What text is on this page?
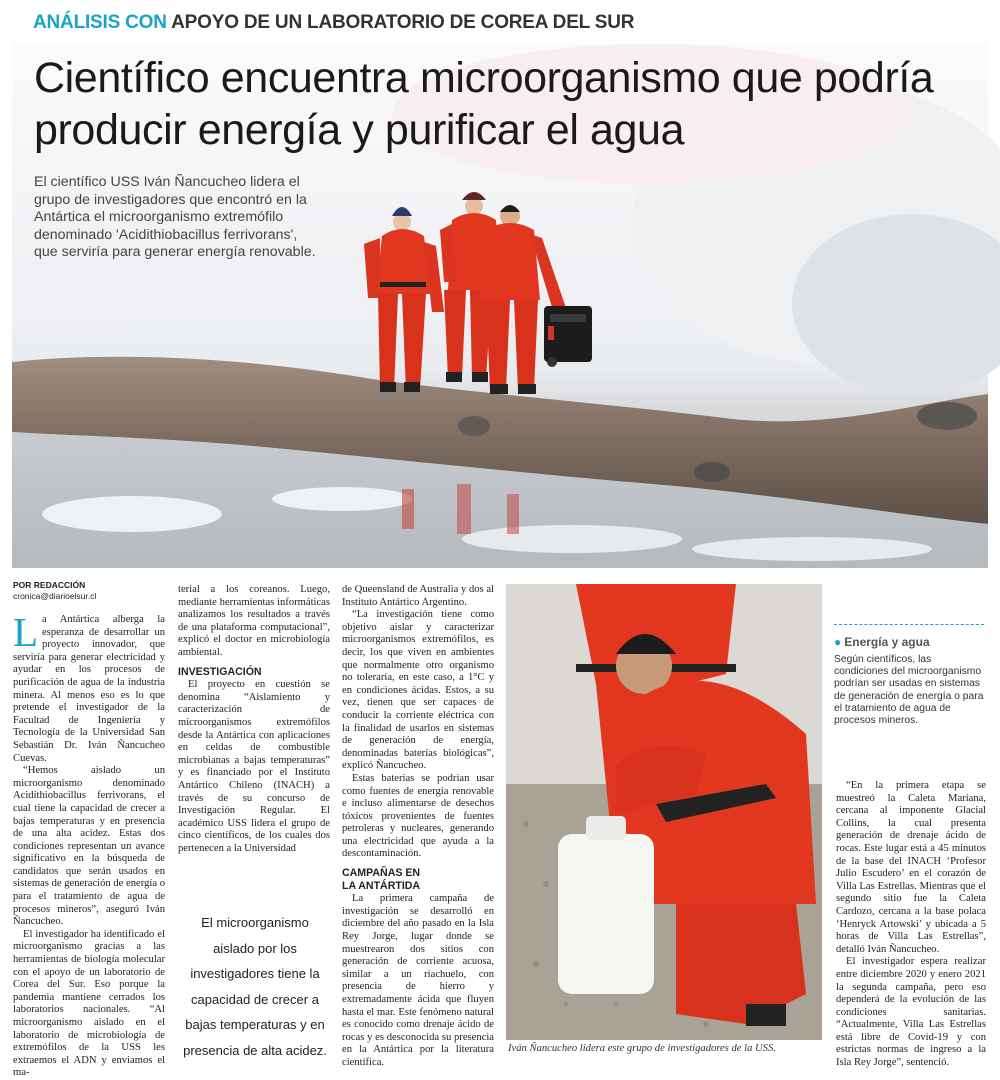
ANÁLISIS CON APOYO DE UN LABORATORIO DE COREA DEL SUR
Científico encuentra microorganismo que podría producir energía y purificar el agua

El científico USS Iván Ñancucheo lidera el grupo de investigadores que encontró en la Antártica el microorganismo extremófilo denominado 'Acidithiobacillus ferrivorans', que serviría para generar energía renovable.

POR REDACCIÓN
cronica@diarioelsur.cl

La Antártica alberga la esperanza de desarrollar un proyecto innovador, que serviría para generar electricidad y ayudar en los procesos de purificación de agua de la industria minera. Al menos eso es lo que pretende el investigador de la Facultad de Ingeniería y Tecnología de la Universidad San Sebastián Dr. Iván Ñancucheo Cuevas.

“Hemos aislado un microorganismo denominado Acidithiobacillus ferrivorans, el cual tiene la capacidad de crecer a bajas temperaturas y en presencia de una alta acidez. Estas dos condiciones representan un avance significativo en la búsqueda de candidatos que serán usados en sistemas de generación de energía o para el tratamiento de agua de procesos mineros”, aseguró Iván Ñancucheo.

El investigador ha identificado el microorganismo gracias a las herramientas de biología molecular con el apoyo de un laboratorio de Corea del Sur. Eso porque la pandemia mantiene cerrados los laboratorios nacionales. “Al microorganismo aislado en el laboratorio de microbiología de extremófilos de la USS les extraemos el ADN y enviamos el ma-

terial a los coreanos. Luego, mediante herramientas informáticas analizamos los resultados a través de una plataforma computacional”, explicó el doctor en microbiología ambiental.

INVESTIGACIÓN

El proyecto en cuestión se denomina “Aislamiento y caracterización de microorganismos extremófilos desde la Antártica con aplicaciones en celdas de combustible microbianas a bajas temperaturas” y es financiado por el Instituto Antártico Chileno (INACH) a través de su concurso de Investigación Regular. El académico USS lidera el grupo de cinco científicos, de los cuales dos pertenecen a la Universidad

El microorganismo aislado por los investigadores tiene la capacidad de crecer a bajas temperaturas y en presencia de alta acidez.

de Queensland de Australia y dos al Instituto Antártico Argentino.

“La investigación tiene como objetivo aislar y caracterizar microorganismos extremófilos, es decir, los que viven en ambientes que normalmente otro organismo no toleraría, en este caso, a 1°C y en condiciones ácidas. Estos, a su vez, tienen que ser capaces de conducir la corriente eléctrica con la finalidad de usarlos en sistemas de generación de energía, denominadas baterías biológicas”, explicó Ñancucheo.

Estas baterías se podrían usar como fuentes de energía renovable e incluso alimentarse de desechos tóxicos provenientes de fuentes petroleras y nucleares, generando una electricidad que ayuda a la descontaminación.

CAMPAÑAS EN
LA ANTÁRTIDA

La primera campaña de investigación se desarrolló en diciembre del año pasado en la Isla Rey Jorge, lugar donde se muestrearon dos sitios con generación de corriente acuosa, similar a un riachuelo, con presencia de hierro y extremadamente ácida que fluyen hasta el mar. Este fenómeno natural es conocido como drenaje ácido de rocas y es desconocida su presencia en la Antártica por la literatura científica.

Iván Ñancucheo lidera este grupo de investigadores de la USS.
● Energía y agua

Según científicos, las condiciones del microorganismo podrían ser usadas en sistemas de generación de energía o para el tratamiento de agua de procesos mineros.

“En la primera etapa se muestreó la Caleta Mariana, cercana al imponente Glacial Collins, la cual presenta generación de drenaje ácido de rocas. Este lugar está a 45 minutos de la base del INACH ‘Profesor Julio Escudero’ en el corazón de Villa Las Estrellas. Mientras que el segundo sitio fue la Caleta Cardozo, cercana a la base polaca ‘Henryck Artowski’ y ubicada a 5 horas de Villa Las Estrellas”, detalló Iván Ñancucheo.

El investigador espera realizar entre diciembre 2020 y enero 2021 la segunda campaña, pero eso dependerá de la evolución de las condiciones sanitarias. “Actualmente, Villa Las Estrellas está libre de Covid-19 y con estrictas normas de ingreso a la Isla Rey Jorge”, sentenció.
